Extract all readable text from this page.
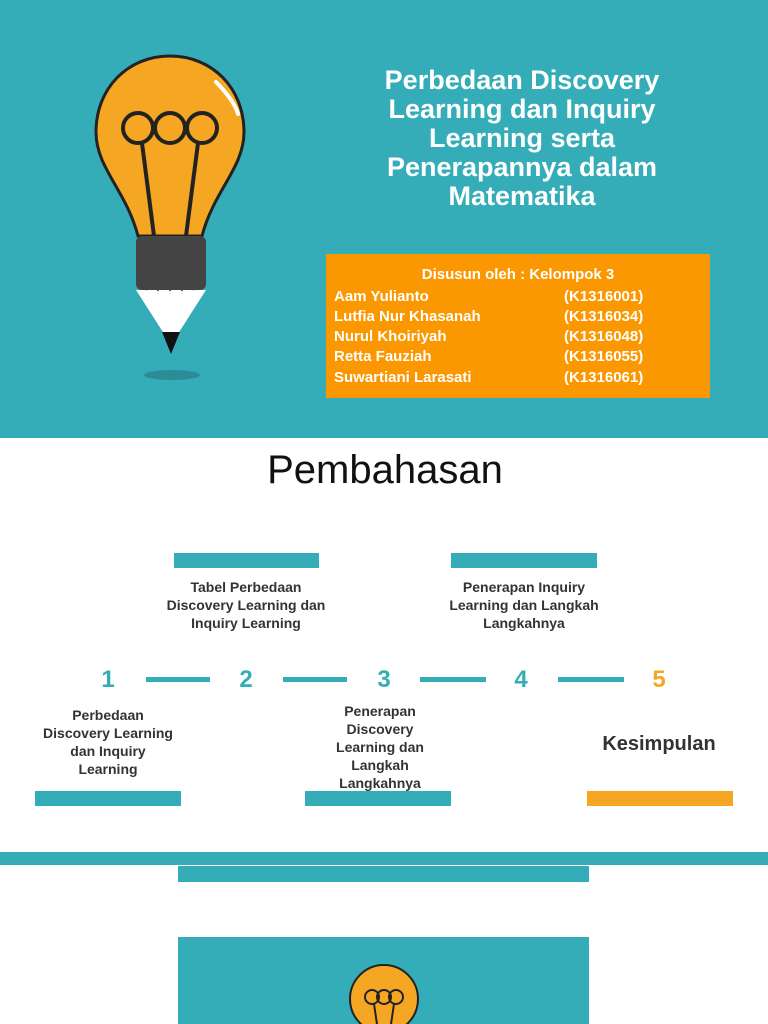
Perbedaan Discovery Learning dan Inquiry Learning serta Penerapannya dalam Matematika
Disusun oleh : Kelompok 3
Aam Yulianto	(K1316001)
Lutfia Nur Khasanah	(K1316034)
Nurul Khoiriyah	(K1316048)
Retta Fauziah	(K1316055)
Suwartiani Larasati	(K1316061)
Pembahasan
Tabel Perbedaan Discovery Learning dan Inquiry Learning
Penerapan Inquiry Learning dan Langkah Langkahnya
1	2	3	4	5
Perbedaan Discovery Learning dan Inquiry Learning
Penerapan Discovery Learning dan Langkah Langkahnya
Kesimpulan
